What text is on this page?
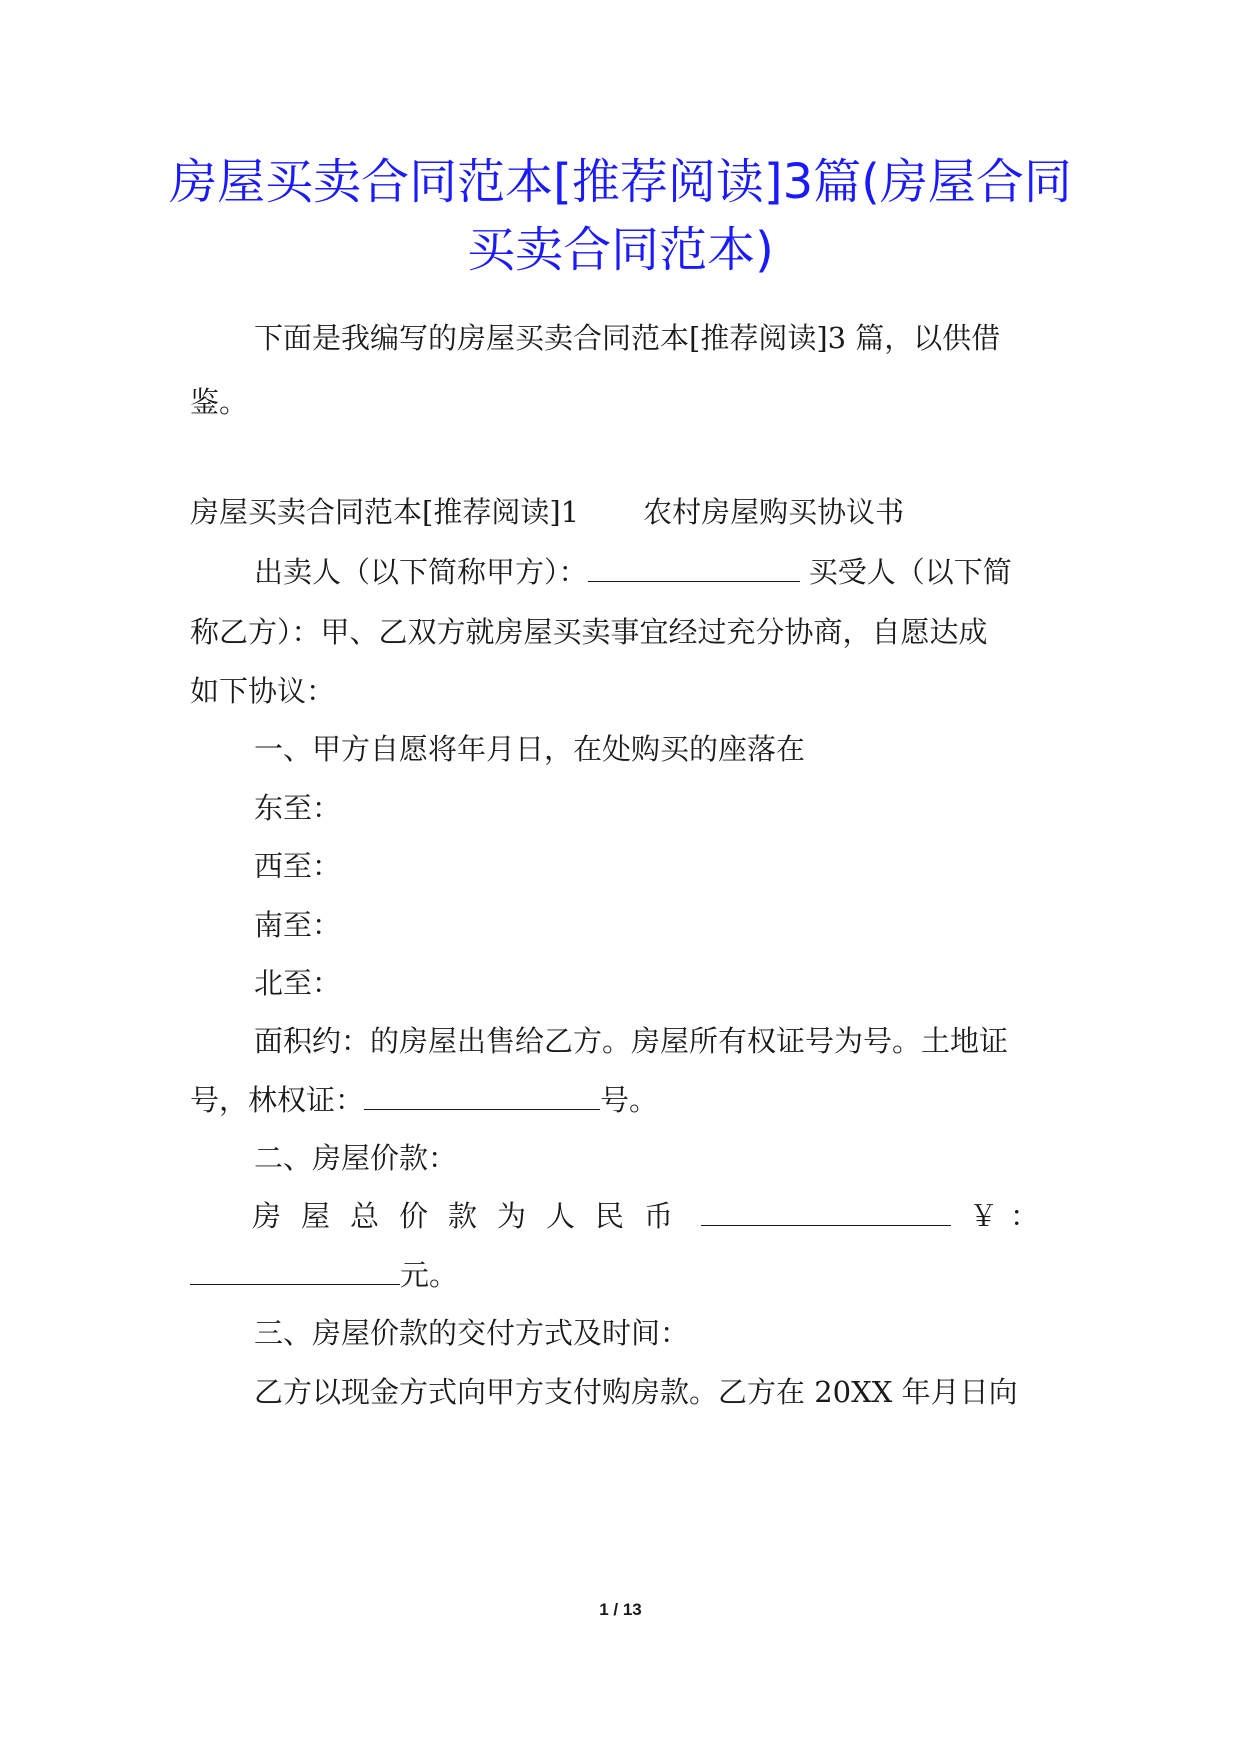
房屋买卖合同范本[推荐阅读]3篇(房屋合同
买卖合同范本)

下面是我编写的房屋买卖合同范本[推荐阅读]3 篇，以供借

鉴。

房屋买卖合同范本[推荐阅读]1 农村房屋购买协议书

出卖人（以下简称甲方）：	买受人（以下简

称乙方）：甲、乙双方就房屋买卖事宜经过充分协商，自愿达成

如下协议：

一、甲方自愿将年月日，在处购买的座落在

东至：

西至：

南至：

北至：

面积约：的房屋出售给乙方。房屋所有权证号为号。土地证

号，林权证：	号。

二、房屋价款：

房屋总价款为人民币	￥：

元。

三、房屋价款的交付方式及时间：

乙方以现金方式向甲方支付购房款。乙方在 20XX 年月日向

1 / 13
